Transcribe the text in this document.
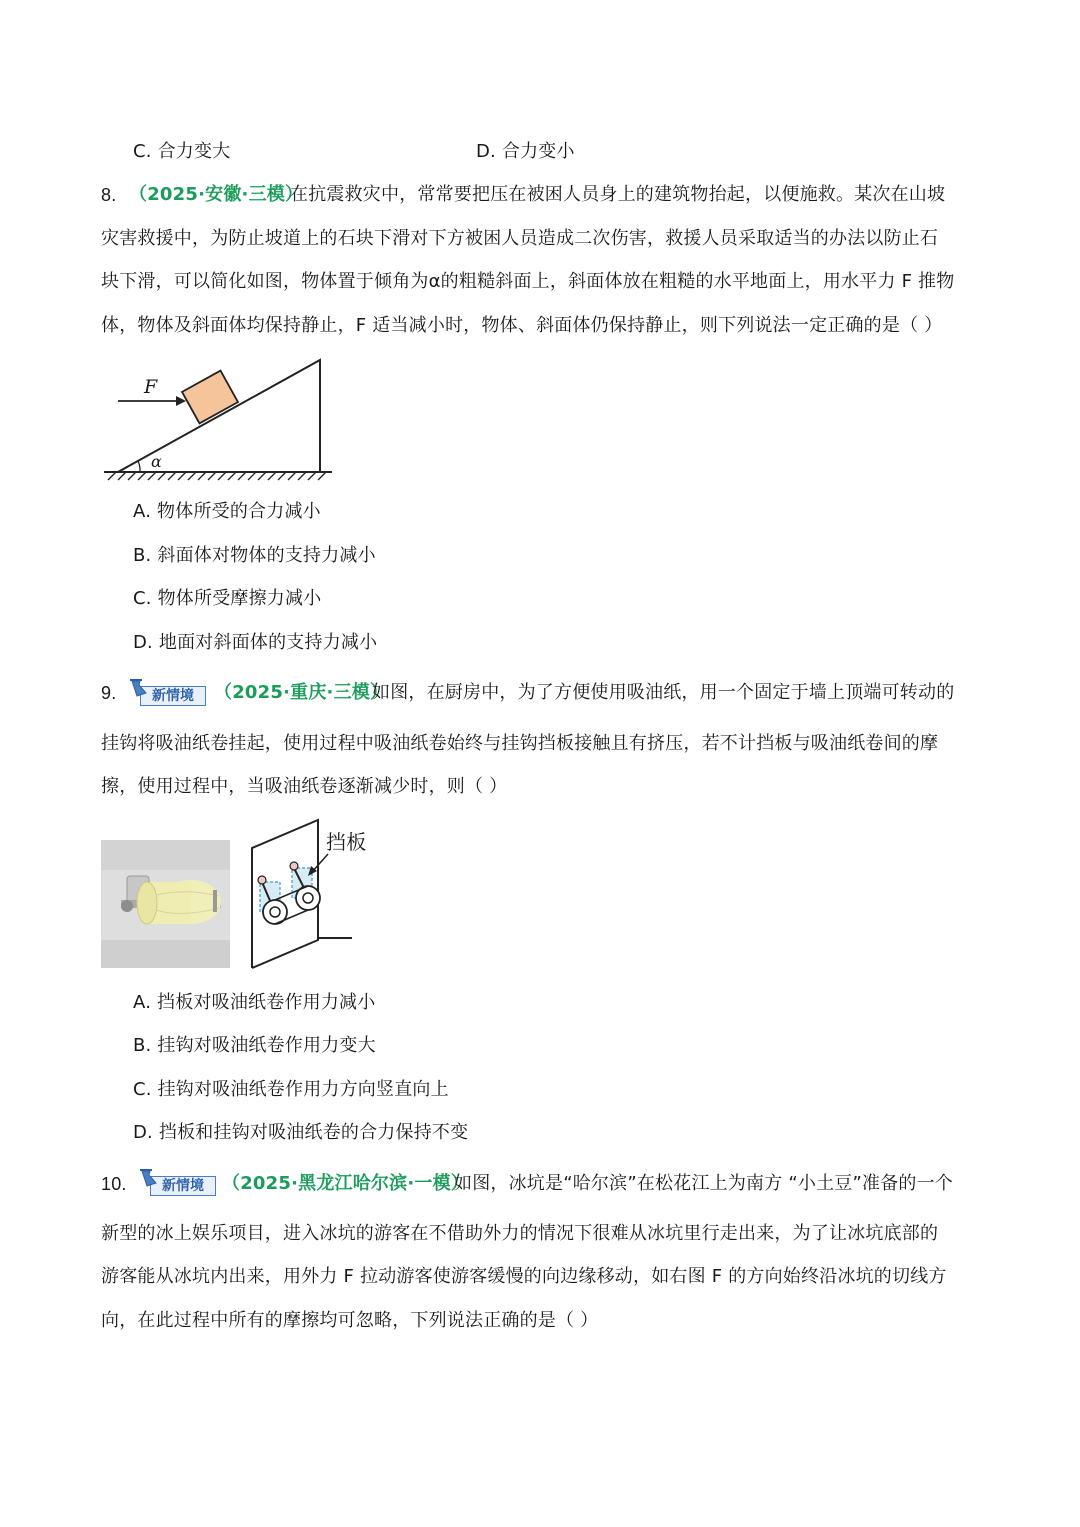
C. 合力变大	D. 合力变小
8. （2025·安徽·三模）
在抗震救灾中，常常要把压在被困人员身上的建筑物抬起，以便施救。某次在山坡
灾害救援中，为防止坡道上的石块下滑对下方被困人员造成二次伤害，救援人员采取适当的办法以防止石
块下滑，可以简化如图，物体置于倾角为α的粗糙斜面上，斜面体放在粗糙的水平地面上，用水平力 F 推物
体，物体及斜面体均保持静止，F 适当减小时，物体、斜面体仍保持静止，则下列说法一定正确的是（ ）
F
α
A. 物体所受的合力减小
B. 斜面体对物体的支持力减小
C. 物体所受摩擦力减小
D. 地面对斜面体的支持力减小
9.	新情境	（2025·重庆·三模）
如图，在厨房中，为了方便使用吸油纸，用一个固定于墙上顶端可转动的
挂钩将吸油纸卷挂起，使用过程中吸油纸卷始终与挂钩挡板接触且有挤压，若不计挡板与吸油纸卷间的摩
擦，使用过程中，当吸油纸卷逐渐减少时，则（ ）
挡板
A. 挡板对吸油纸卷作用力减小
B. 挂钩对吸油纸卷作用力变大
C. 挂钩对吸油纸卷作用力方向竖直向上
D. 挡板和挂钩对吸油纸卷的合力保持不变
10.	新情境	（2025·黑龙江哈尔滨·一模）
如图，冰坑是“哈尔滨”在松花江上为南方 “小土豆”准备的一个
新型的冰上娱乐项目，进入冰坑的游客在不借助外力的情况下很难从冰坑里行走出来，为了让冰坑底部的
游客能从冰坑内出来，用外力 F 拉动游客使游客缓慢的向边缘移动，如右图 F 的方向始终沿冰坑的切线方
向，在此过程中所有的摩擦均可忽略，下列说法正确的是（ ）
